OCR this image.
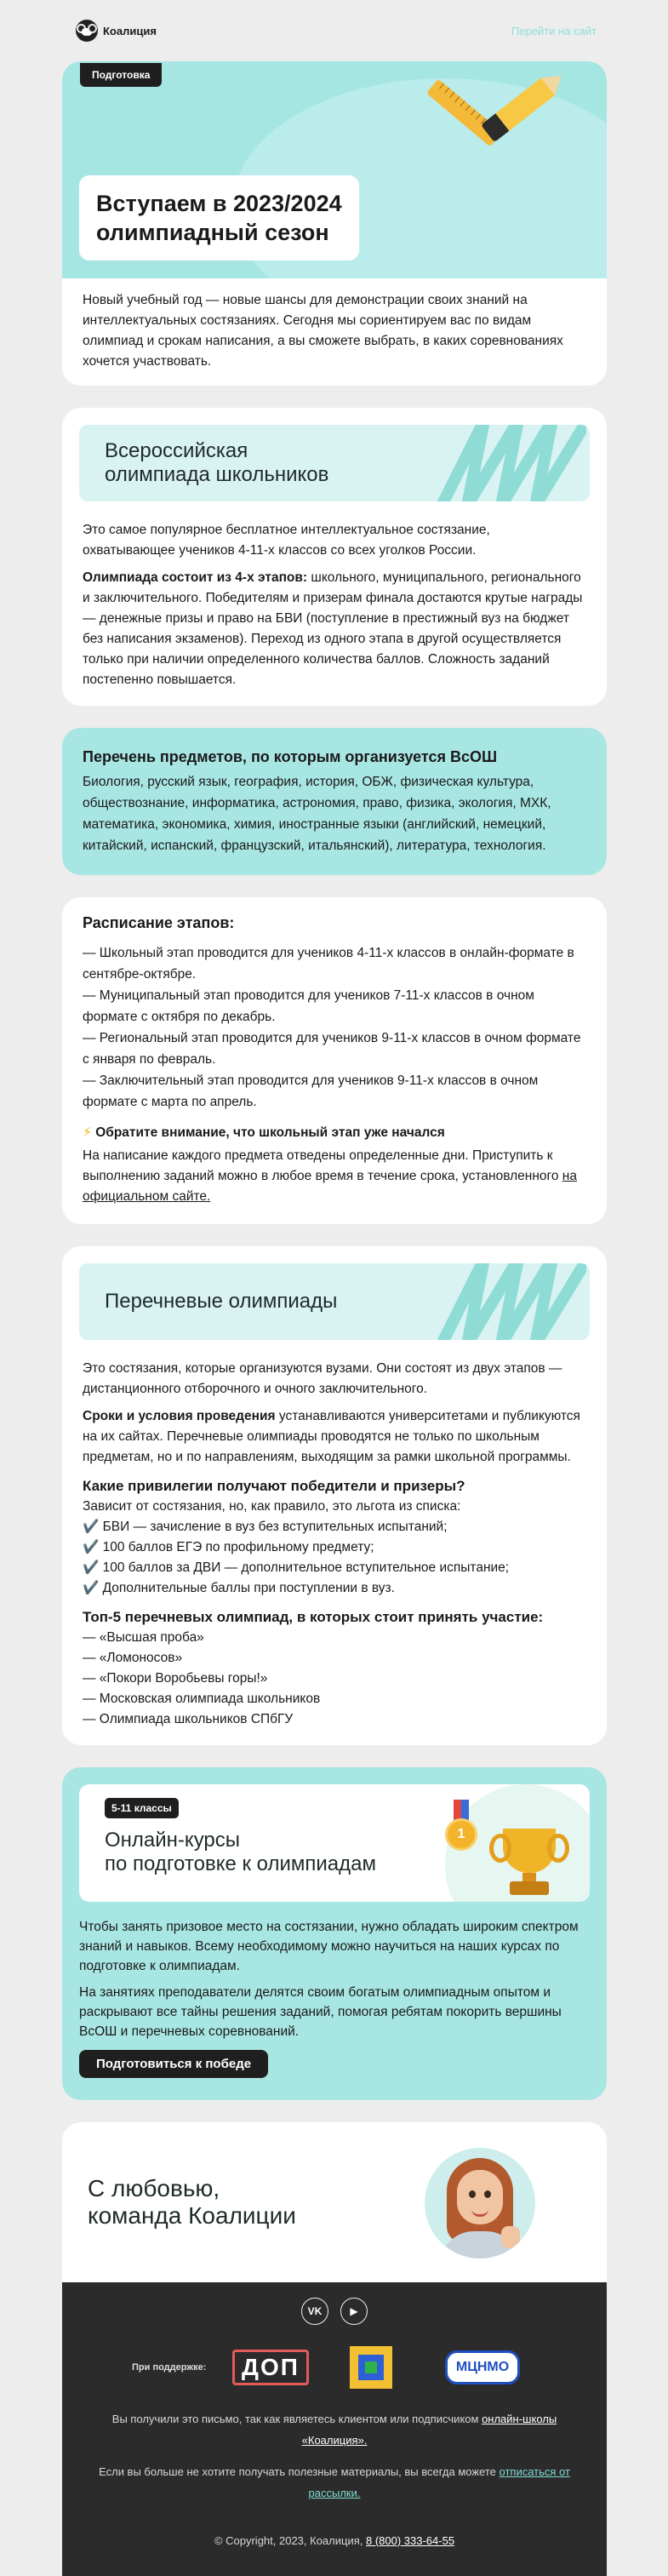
Коалиция	Перейти на сайт
Подготовка
Вступаем в 2023/2024
олимпиадный сезон

Новый учебный год — новые шансы для демонстрации своих знаний на интеллектуальных состязаниях. Сегодня мы сориентируем вас по видам олимпиад и срокам написания, а вы сможете выбрать, в каких соревнованиях хочется участвовать.

Всероссийская
олимпиада школьников

Это самое популярное бесплатное интеллектуальное состязание, охватывающее учеников 4-11-х классов со всех уголков России.

Олимпиада состоит из 4-х этапов: школьного, муниципального, регионального и заключительного. Победителям и призерам финала достаются крутые награды — денежные призы и право на БВИ (поступление в престижный вуз на бюджет без написания экзаменов). Переход из одного этапа в другой осуществляется только при наличии определенного количества баллов. Сложность заданий постепенно повышается.

Перечень предметов, по которым организуется ВсОШ

Биология, русский язык, география, история, ОБЖ, физическая культура, обществознание, информатика, астрономия, право, физика, экология, МХК, математика, экономика, химия, иностранные языки (английский, немецкий, китайский, испанский, французский, итальянский), литература, технология.

Расписание этапов:
— Школьный этап проводится для учеников 4-11-х классов в онлайн-формате в сентябре-октябре.
— Муниципальный этап проводится для учеников 7-11-х классов в очном формате с октября по декабрь.
— Региональный этап проводится для учеников 9-11-х классов в очном формате с января по февраль.
— Заключительный этап проводится для учеников 9-11-х классов в очном формате с марта по апрель.
⚡ Обратите внимание, что школьный этап уже начался

На написание каждого предмета отведены определенные дни. Приступить к выполнению заданий можно в любое время в течение срока, установленного на официальном сайте.

Перечневые олимпиады

Это состязания, которые организуются вузами. Они состоят из двух этапов — дистанционного отборочного и очного заключительного.

Сроки и условия проведения устанавливаются университетами и публикуются на их сайтах. Перечневые олимпиады проводятся не только по школьным предметам, но и по направлениям, выходящим за рамки школьной программы.

Какие привилегии получают победители и призеры?

Зависит от состязания, но, как правило, это льгота из списка:

✔️ БВИ — зачисление в вуз без вступительных испытаний;
✔️ 100 баллов ЕГЭ по профильному предмету;
✔️ 100 баллов за ДВИ — дополнительное вступительное испытание;
✔️ Дополнительные баллы при поступлении в вуз.
Топ-5 перечневых олимпиад, в которых стоит принять участие:
— «Высшая проба»
— «Ломоносов»
— «Покори Воробьевы горы!»
— Московская олимпиада школьников
— Олимпиада школьников СПбГУ
5-11 классы
Онлайн-курсы
по подготовке к олимпиадам
1

Чтобы занять призовое место на состязании, нужно обладать широким спектром знаний и навыков. Всему необходимому можно научиться на наших курсах по подготовке к олимпиадам.

На занятиях преподаватели делятся своим богатым олимпиадным опытом и раскрывают все тайны решения заданий, помогая ребятам покорить вершины ВсОШ и перечневых соревнований.

Подготовиться к победе
С любовью,
команда Коалиции
VK	▶
При поддержке:	ДОП	МЦНМО

Вы получили это письмо, так как являетесь клиентом или подписчиком онлайн-школы «Коалиция».

Если вы больше не хотите получать полезные материалы, вы всегда можете отписаться от рассылки.

© Copyright, 2023, Коалиция, 8 (800) 333-64-55
